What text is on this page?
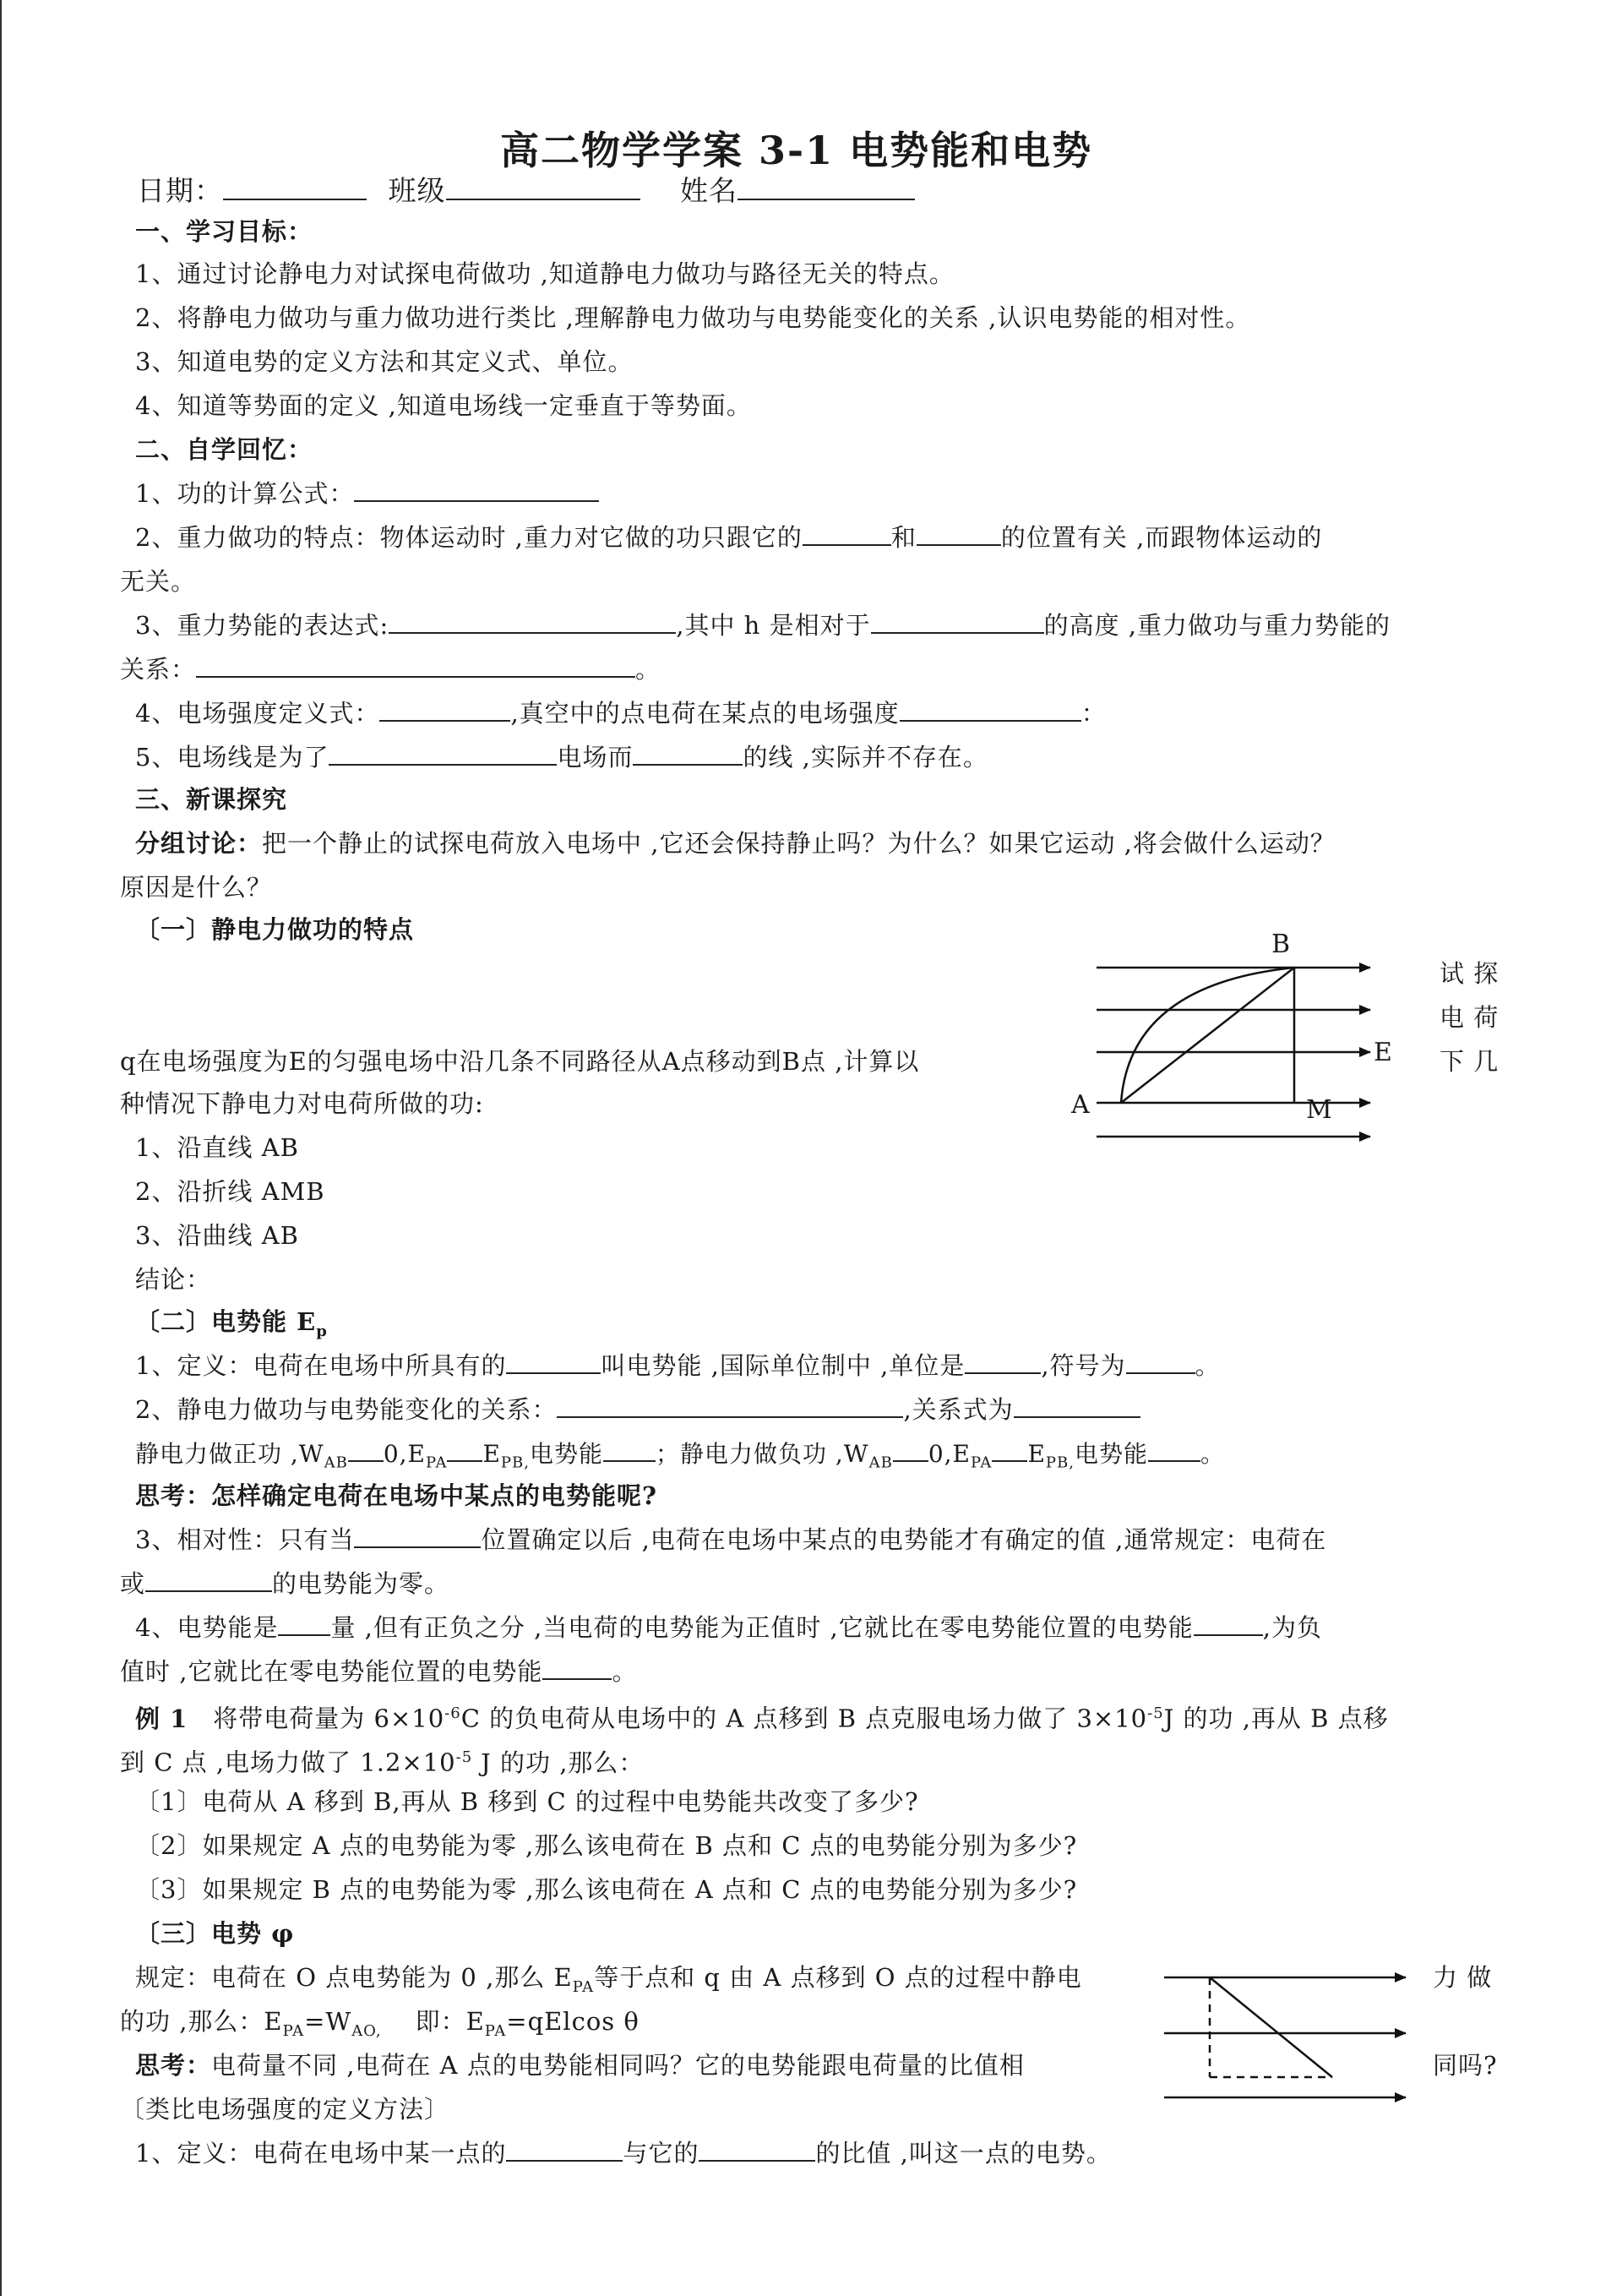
高二物学学案 3-1 电势能和电势
日期：	班级	姓名
一、学习目标：
1、通过讨论静电力对试探电荷做功 ,知道静电力做功与路径无关的特点。
2、将静电力做功与重力做功进行类比 ,理解静电力做功与电势能变化的关系 ,认识电势能的相对性。
3、知道电势的定义方法和其定义式、单位。
4、知道等势面的定义 ,知道电场线一定垂直于等势面。
二、自学回忆：
1、功的计算公式：
2、重力做功的特点：物体运动时 ,重力对它做的功只跟它的	和	的位置有关 ,而跟物体运动的
无关。
3、重力势能的表达式:	,其中 h 是相对于	的高度 ,重力做功与重力势能的
关系：	。
4、电场强度定义式：	,真空中的点电荷在某点的电场强度	：
5、电场线是为了	电场而	的线 ,实际并不存在。
三、新课探究
分组讨论：把一个静止的试探电荷放入电场中 ,它还会保持静止吗？为什么？如果它运动 ,将会做什么运动？
原因是什么？
〔一〕静电力做功的特点	B
E
A	M
试 探
电 荷
下 几
q在电场强度为E的匀强电场中沿几条不同路径从A点移动到B点 ,计算以
种情况下静电力对电荷所做的功:
1、沿直线 AB
2、沿折线 AMB
3、沿曲线 AB
结论：
〔二〕电势能 $E_p$
1、定义：电荷在电场中所具有的	叫电势能 ,国际单位制中 ,单位是	,符号为	。
2、静电力做功与电势能变化的关系：	,关系式为
静电力做正功 $,W_{AB}$ $0,E_{PA}$ $E_{PB,}$电势能 ；静电力做负功 $,W_{AB}$ $0,E_{PA}$ $E_{PB,}$电势能 。
思考：怎样确定电荷在电场中某点的电势能呢?
3、相对性：只有当	位置确定以后 ,电荷在电场中某点的电势能才有确定的值 ,通常规定：电荷在
或	的电势能为零。
4、电势能是 量 ,但有正负之分 ,当电荷的电势能为正值时 ,它就比在零电势能位置的电势能	,为负
值时 ,它就比在零电势能位置的电势能	。
例 1 将带电荷量为 $6\times 10^{-6}C$ 的负电荷从电场中的 A 点移到 B 点克服电场力做了 $3\times 10^{-5}J$ 的功 ,再从 B 点移
到 C 点 ,电场力做了 $1.2\times 10^{-5}$ J 的功 ,那么：
〔1〕电荷从 A 移到 B,再从 B 移到 C 的过程中电势能共改变了多少?
〔2〕如果规定 A 点的电势能为零 ,那么该电荷在 B 点和 C 点的电势能分别为多少?
〔3〕如果规定 B 点的电势能为零 ,那么该电荷在 A 点和 C 点的电势能分别为多少?
〔三〕电势 φ
规定：电荷在 O 点电势能为 0 ,那么 $E_{PA}$等于点和 q 由 A 点移到 O 点的过程中静电	力 做
的功 ,那么：$E_{PA}=W_{AO,}$ 即：$E_{PA}=qElcos$ θ
思考：电荷量不同 ,电荷在 A 点的电势能相同吗？它的电势能跟电荷量的比值相	同吗?
〔类比电场强度的定义方法〕
1、定义：电荷在电场中某一点的	与它的	的比值 ,叫这一点的电势。
